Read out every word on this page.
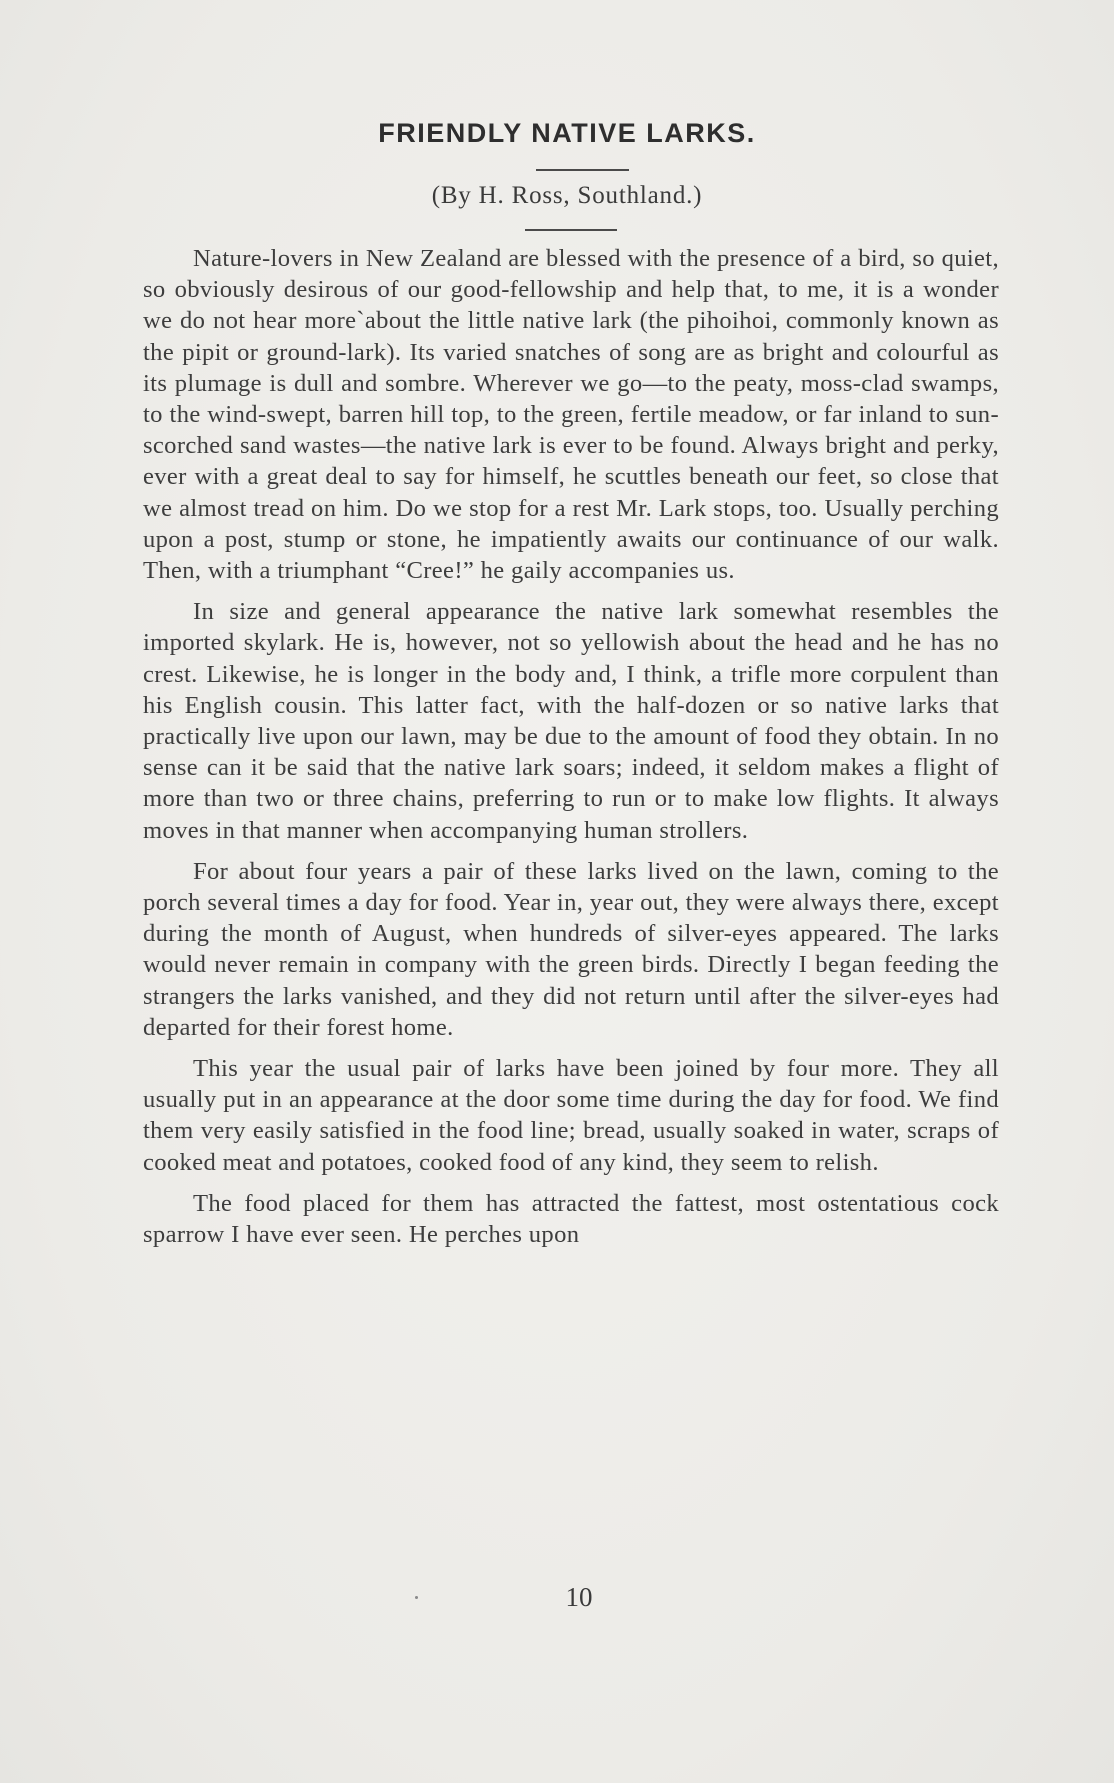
FRIENDLY NATIVE LARKS.
(By H. Ross, Southland.)

Nature-lovers in New Zealand are blessed with the presence of a bird, so quiet, so obviously desirous of our good-fellowship and help that, to me, it is a wonder we do not hear more`about the little native lark (the pihoihoi, commonly known as the pipit or ground-lark). Its varied snatches of song are as bright and colourful as its plumage is dull and sombre. Wherever we go—to the peaty, moss-clad swamps, to the wind-swept, barren hill top, to the green, fertile meadow, or far inland to sun-scorched sand wastes—the native lark is ever to be found. Always bright and perky, ever with a great deal to say for himself, he scuttles beneath our feet, so close that we almost tread on him. Do we stop for a rest Mr. Lark stops, too. Usually perching upon a post, stump or stone, he impatiently awaits our continuance of our walk. Then, with a triumphant “Cree!” he gaily accompanies us.

In size and general appearance the native lark somewhat resembles the imported skylark. He is, however, not so yellowish about the head and he has no crest. Likewise, he is longer in the body and, I think, a trifle more corpulent than his English cousin. This latter fact, with the half-dozen or so native larks that practically live upon our lawn, may be due to the amount of food they obtain. In no sense can it be said that the native lark soars; indeed, it seldom makes a flight of more than two or three chains, preferring to run or to make low flights. It always moves in that manner when accompanying human strollers.

For about four years a pair of these larks lived on the lawn, coming to the porch several times a day for food. Year in, year out, they were always there, except during the month of August, when hundreds of silver-eyes appeared. The larks would never remain in company with the green birds. Directly I began feeding the strangers the larks vanished, and they did not return until after the silver-eyes had departed for their forest home.

This year the usual pair of larks have been joined by four more. They all usually put in an appearance at the door some time during the day for food. We find them very easily satisfied in the food line; bread, usually soaked in water, scraps of cooked meat and potatoes, cooked food of any kind, they seem to relish.

The food placed for them has attracted the fattest, most ostentatious cock sparrow I have ever seen. He perches upon

10
